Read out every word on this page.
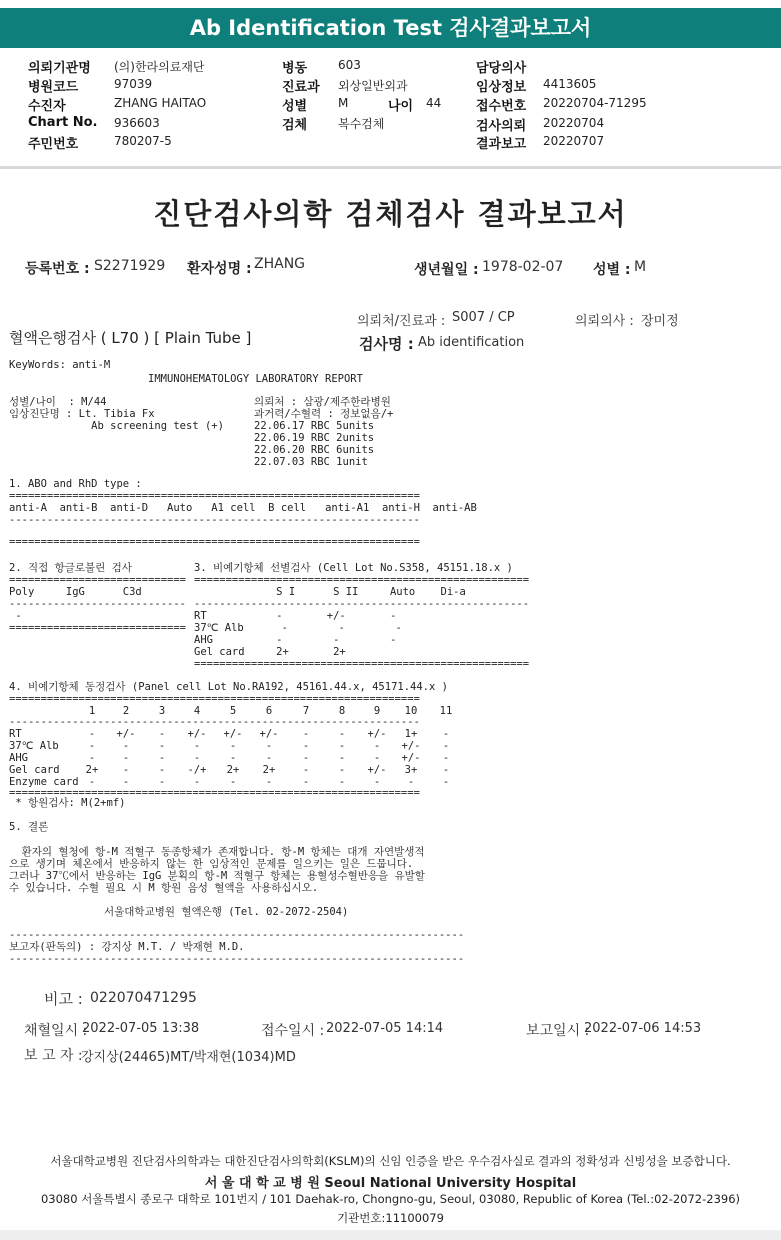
Ab Identification Test 검사결과보고서
의뢰기관명 (의)한라의료재단
병원코드	97039
수진자	ZHANG HAITAO
Chart No. 936603
주민번호	780207-5
병동	603
진료과 외상일반외과
성별	M	나이 44
검체	복수검체
담당의사
임상정보 4413605
접수번호 20220704-71295
검사의뢰 20220704
결과보고 20220707
진단검사의학 검체검사 결과보고서
등록번호 : S2271929 환자성명 : ZHANG	생년월일 : 1978-02-07 성별 : M
의뢰처/진료과 : S007 / CP	의뢰의사 : 장미정
혈액은행검사 ( L70 ) [ Plain Tube ]	검사명 : Ab identification
KeyWords: anti-M
IMMUNOHEMATOLOGY LABORATORY REPORT
성별/나이  : M/44
임상진단명 : Lt. Tibia Fx
Ab screening test (+)
의뢰처 : 삼광/제주한라병원
과거력/수혈력 : 정보없음/+
22.06.17 RBC 5units
22.06.19 RBC 2units
22.06.20 RBC 6units
22.07.03 RBC 1unit
1. ABO and RhD type :
=================================================================
anti-A  anti-B  anti-D   Auto   A1 cell  B cell   anti-A1  anti-H  anti-AB
-----------------------------------------------------------------
=================================================================
2. 직접 항글로불린 검사
============================
Poly     IgG      C3d
----------------------------
-
============================
3. 비예기항체 선별검사 (Cell Lot No.S358, 45151.18.x )
=====================================================
S I      S II     Auto    Di-a
-----------------------------------------------------
RT           -       +/-       -
37℃ Alb      -        -        -
AHG          -        -        -
Gel card     2+       2+
=====================================================
4. 비예기항체 동정검사 (Panel cell Lot No.RA192, 45161.44.x, 45171.44.x )
=================================================================
-----------------------------------------------------------------
1	2	3	4	5	6	7	8	9	10	11
RT	-	+/-	-	+/- +/- +/-	-	-	+/-	1+	-
37℃ Alb	-	-	-	-	-	-	-	-	-	+/-	-
AHG	-	-	-	-	-	-	-	-	-	+/-	-
Gel card	2+	-	-	-/+	2+	2+	-	-	+/-	3+	-
Enzyme card -	-	-	-	-	-	-	-	-	-	-
=================================================================
* 항원검사: M(2+mf)
5. 결론
환자의 혈청에 항-M 적혈구 동종항체가 존재합니다. 항-M 항체는 대개 자연발생적
으로 생기며 체온에서 반응하지 않는 한 임상적인 문제를 일으키는 일은 드뭅니다.
그러나 37℃에서 반응하는 IgG 분획의 항-M 적혈구 항체는 용혈성수혈반응을 유발할
수 있습니다. 수혈 필요 시 M 항원 음성 혈액을 사용하십시오.
서울대학교병원 혈액은행 (Tel. 02-2072-2504)
------------------------------------------------------------------------
보고자(판독의) : 강지상 M.T. / 박재현 M.D.
------------------------------------------------------------------------
비고 : 022070471295
채혈일시 :
2022-07-05 13:38	접수일시 : 2022-07-05 14:14	보고일시 :
2022-07-06 14:53
보 고 자 :
강지상(24465)MT/박재현(1034)MD
서울대학교병원 진단검사의학과는 대한진단검사의학회(KSLM)의 신임 인증을 받은 우수검사실로 결과의 정확성과 신빙성을 보증합니다.
서 울 대 학 교 병 원 Seoul National University Hospital
03080 서울특별시 종로구 대학로 101번지 / 101 Daehak-ro, Chongno-gu, Seoul, 03080, Republic of Korea (Tel.:02-2072-2396)
기관번호:11100079
